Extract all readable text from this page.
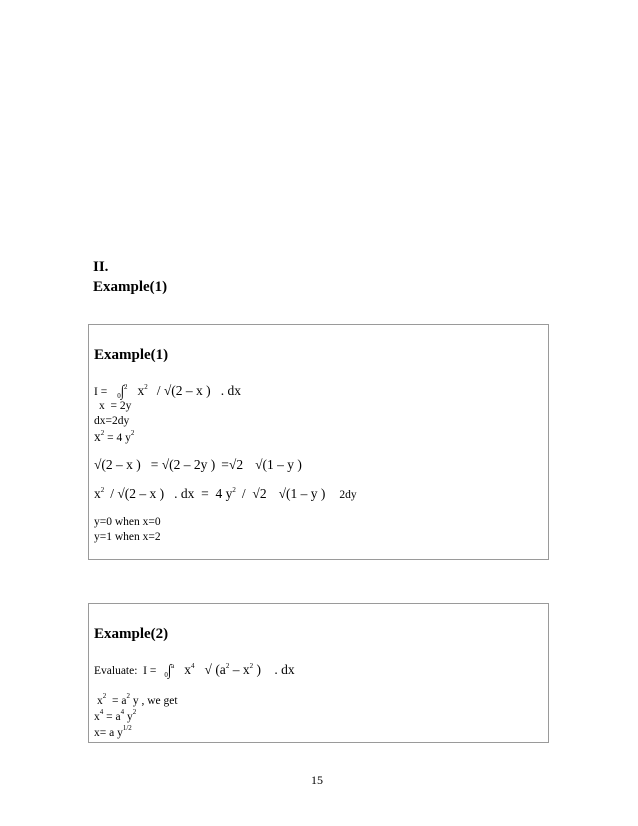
II.
Example(1)
Example(1)
I = $_0$∫$^2$ $x^2 / √(2$ – x )   . dx
x  = 2y
dx=2dy
$x^2 = 4$ $y^2$
√(2 – x ) = √(2 – 2y ) =√2 √(1 – y )
$x^2 / √(2$ – x ) . dx  =  4 $y^2 / √2$ √(1 – y ) 2dy
y=0 when x=0
y=1 when x=2
Example(2)
Evaluate:  I = $_0$∫$^a$ $x^4$ √ ($a^2 - x^2$ )    . dx
$x^2 = a^2$ y , we get
$x^4 = a^4$ $y^2$
x= a $y^{1/2}$
15
